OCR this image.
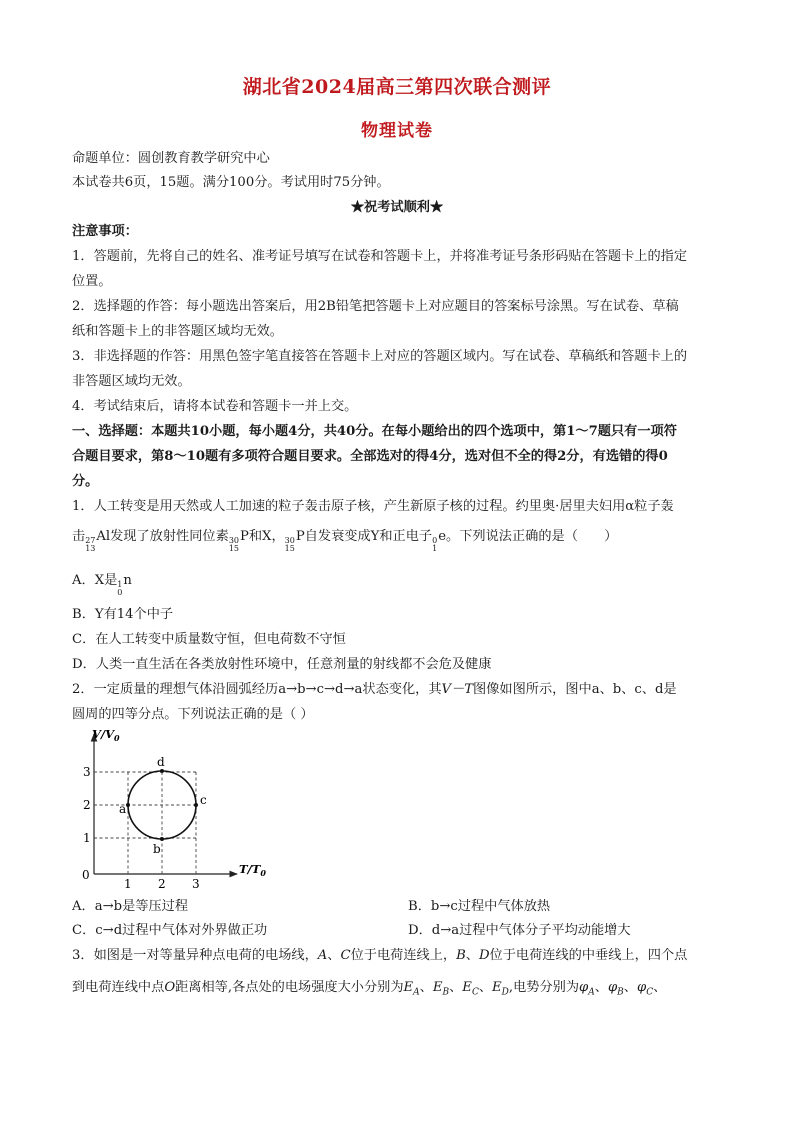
湖北省2024届高三第四次联合测评
物理试卷
命题单位：圆创教育教学研究中心
本试卷共6页，15题。满分100分。考试用时75分钟。
★祝考试顺利★
注意事项：
1．答题前，先将自己的姓名、准考证号填写在试卷和答题卡上，并将准考证号条形码贴在答题卡上的指定
位置。
2．选择题的作答：每小题选出答案后，用2B铅笔把答题卡上对应题目的答案标号涂黑。写在试卷、草稿
纸和答题卡上的非答题区域均无效。
3．非选择题的作答：用黑色签字笔直接答在答题卡上对应的答题区域内。写在试卷、草稿纸和答题卡上的
非答题区域均无效。
4．考试结束后，请将本试卷和答题卡一并上交。
一、选择题：本题共10小题，每小题4分，共40分。在每小题给出的四个选项中，第1～7题只有一项符
合题目要求，第8～10题有多项符合题目要求。全部选对的得4分，选对但不全的得2分，有选错的得0
分。
1．人工转变是用天然或人工加速的粒子轰击原子核，产生新原子核的过程。约里奥·居里夫妇用α粒子轰
击 27
13
Al发现了放射性同位素 30
15
P和X， 30
15
P自发衰变成Y和正电子 0
1
e。下列说法正确的是（　　）
A．X是 1
0
n
B．Y有14个中子
C．在人工转变中质量数守恒，但电荷数不守恒
D．人类一直生活在各类放射性环境中，任意剂量的射线都不会危及健康
2．一定质量的理想气体沿圆弧经历a→b→c→d→a状态变化，其V－T图像如图所示，图中a、b、c、d是
圆周的四等分点。下列说法正确的是（ ）
a
b
c
d
3
2
1
0
1 2 3
$V/V_0$
$T/T_0$
A．a→b是等压过程	B．b→c过程中气体放热
C．c→d过程中气体对外界做正功	D．d→a过程中气体分子平均动能增大
3．如图是一对等量异种点电荷的电场线，A、C位于电荷连线上，B、D位于电荷连线的中垂线上，四个点
到电荷连线中点O距离相等,各点处的电场强度大小分别为$E_A$、$E_B$、$E_C$、$E_D$,电势分别为$\varphi_A$、$\varphi_B$、$\varphi_C$、
